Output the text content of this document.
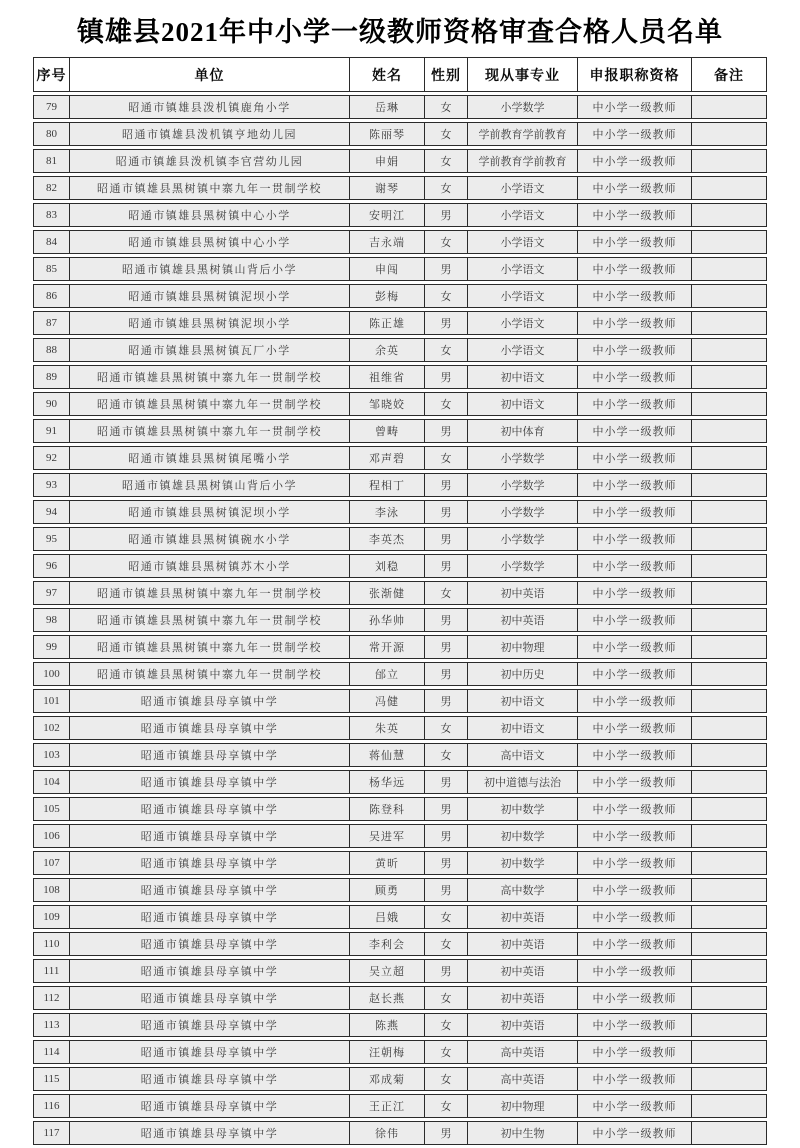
镇雄县2021年中小学一级教师资格审查合格人员名单
序号	单位	姓名	性别	现从事专业	申报职称资格	备注
79	昭通市镇雄县泼机镇鹿角小学	岳琳	女	小学数学	中小学一级教师	
80	昭通市镇雄县泼机镇亨地幼儿园	陈丽琴	女	学前教育学前教育	中小学一级教师	
81	昭通市镇雄县泼机镇李官营幼儿园	申娟	女	学前教育学前教育	中小学一级教师	
82	昭通市镇雄县黑树镇中寨九年一贯制学校	谢琴	女	小学语文	中小学一级教师	
83	昭通市镇雄县黑树镇中心小学	安明江	男	小学语文	中小学一级教师	
84	昭通市镇雄县黑树镇中心小学	吉永端	女	小学语文	中小学一级教师	
85	昭通市镇雄县黑树镇山背后小学	申闯	男	小学语文	中小学一级教师	
86	昭通市镇雄县黑树镇泥坝小学	彭梅	女	小学语文	中小学一级教师	
87	昭通市镇雄县黑树镇泥坝小学	陈正雄	男	小学语文	中小学一级教师	
88	昭通市镇雄县黑树镇瓦厂小学	余英	女	小学语文	中小学一级教师	
89	昭通市镇雄县黑树镇中寨九年一贯制学校	祖维省	男	初中语文	中小学一级教师	
90	昭通市镇雄县黑树镇中寨九年一贯制学校	邹晓姣	女	初中语文	中小学一级教师	
91	昭通市镇雄县黑树镇中寨九年一贯制学校	曾畴	男	初中体育	中小学一级教师	
92	昭通市镇雄县黑树镇尾嘴小学	邓声碧	女	小学数学	中小学一级教师	
93	昭通市镇雄县黑树镇山背后小学	程相丁	男	小学数学	中小学一级教师	
94	昭通市镇雄县黑树镇泥坝小学	李泳	男	小学数学	中小学一级教师	
95	昭通市镇雄县黑树镇碗水小学	李英杰	男	小学数学	中小学一级教师	
96	昭通市镇雄县黑树镇苏木小学	刘稳	男	小学数学	中小学一级教师	
97	昭通市镇雄县黑树镇中寨九年一贯制学校	张渐健	女	初中英语	中小学一级教师	
98	昭通市镇雄县黑树镇中寨九年一贯制学校	孙华帅	男	初中英语	中小学一级教师	
99	昭通市镇雄县黑树镇中寨九年一贯制学校	常开源	男	初中物理	中小学一级教师	
100	昭通市镇雄县黑树镇中寨九年一贯制学校	邰立	男	初中历史	中小学一级教师	
101	昭通市镇雄县母享镇中学	冯健	男	初中语文	中小学一级教师	
102	昭通市镇雄县母享镇中学	朱英	女	初中语文	中小学一级教师	
103	昭通市镇雄县母享镇中学	蒋仙慧	女	高中语文	中小学一级教师	
104	昭通市镇雄县母享镇中学	杨华远	男	初中道德与法治	中小学一级教师	
105	昭通市镇雄县母享镇中学	陈登科	男	初中数学	中小学一级教师	
106	昭通市镇雄县母享镇中学	吴进军	男	初中数学	中小学一级教师	
107	昭通市镇雄县母享镇中学	黄昕	男	初中数学	中小学一级教师	
108	昭通市镇雄县母享镇中学	顾勇	男	高中数学	中小学一级教师	
109	昭通市镇雄县母享镇中学	吕娥	女	初中英语	中小学一级教师	
110	昭通市镇雄县母享镇中学	李利会	女	初中英语	中小学一级教师	
111	昭通市镇雄县母享镇中学	吴立超	男	初中英语	中小学一级教师	
112	昭通市镇雄县母享镇中学	赵长燕	女	初中英语	中小学一级教师	
113	昭通市镇雄县母享镇中学	陈燕	女	初中英语	中小学一级教师	
114	昭通市镇雄县母享镇中学	汪朝梅	女	高中英语	中小学一级教师	
115	昭通市镇雄县母享镇中学	邓成菊	女	高中英语	中小学一级教师	
116	昭通市镇雄县母享镇中学	王正江	女	初中物理	中小学一级教师	
117	昭通市镇雄县母享镇中学	徐伟	男	初中生物	中小学一级教师	
